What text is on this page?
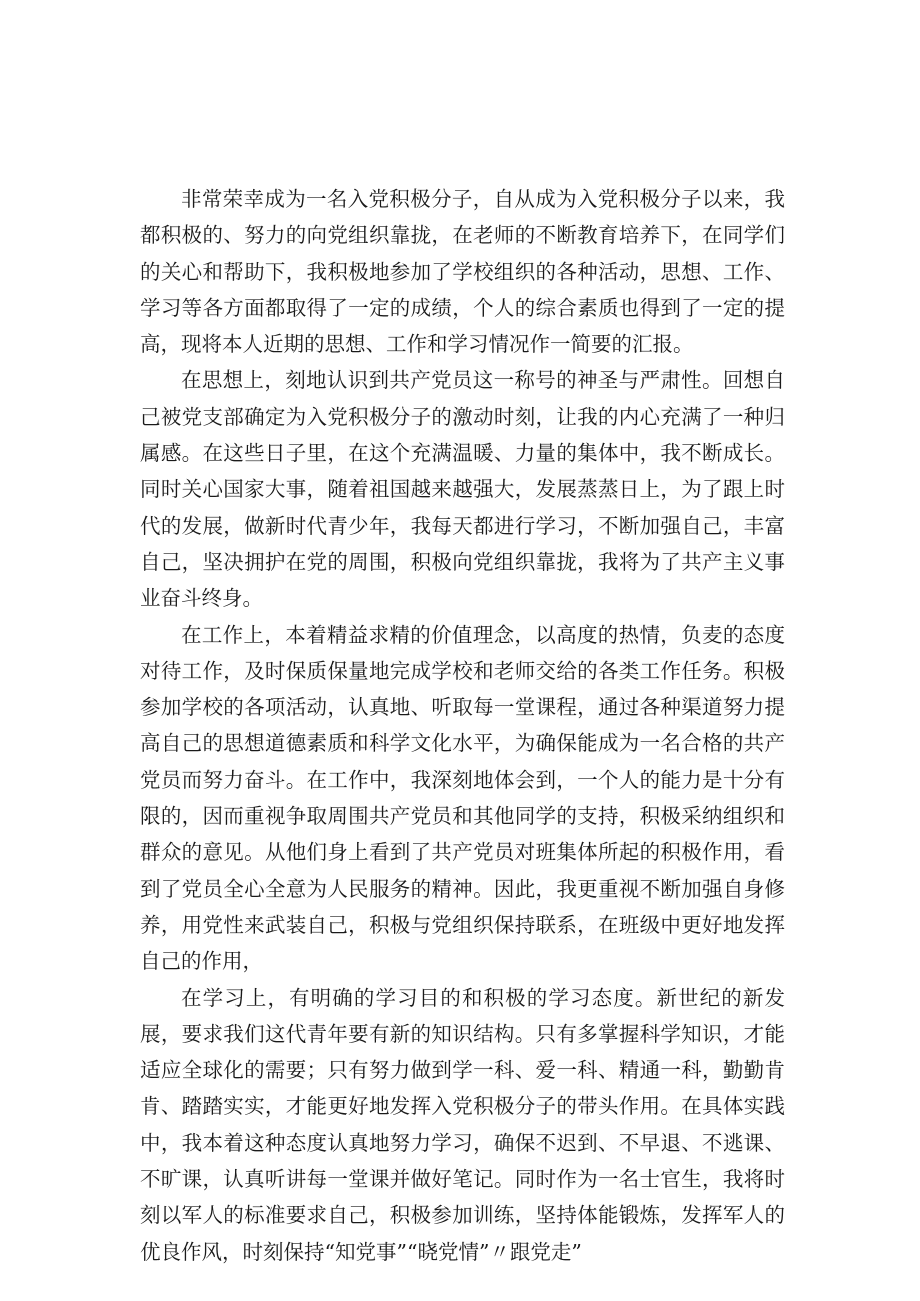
非常荣幸成为一名入党积极分子，自从成为入党积极分子以来，我都积极的、努力的向党组织靠拢，在老师的不断教育培养下，在同学们的关心和帮助下，我积极地参加了学校组织的各种活动，思想、工作、学习等各方面都取得了一定的成绩，个人的综合素质也得到了一定的提高，现将本人近期的思想、工作和学习情况作一简要的汇报。

在思想上，刻地认识到共产党员这一称号的神圣与严肃性。回想自己被党支部确定为入党积极分子的激动时刻，让我的内心充满了一种归属感。在这些日子里，在这个充满温暖、力量的集体中，我不断成长。同时关心国家大事，随着祖国越来越强大，发展蒸蒸日上，为了跟上时代的发展，做新时代青少年，我每天都进行学习，不断加强自己，丰富自己，坚决拥护在党的周围，积极向党组织靠拢，我将为了共产主义事业奋斗终身。

在工作上，本着精益求精的价值理念，以高度的热情，负麦的态度对待工作，及时保质保量地完成学校和老师交给的各类工作任务。积极参加学校的各项活动，认真地、听取每一堂课程，通过各种渠道努力提高自己的思想道德素质和科学文化水平，为确保能成为一名合格的共产党员而努力奋斗。在工作中，我深刻地体会到，一个人的能力是十分有限的，因而重视争取周围共产党员和其他同学的支持，积极采纳组织和群众的意见。从他们身上看到了共产党员对班集体所起的积极作用，看到了党员全心全意为人民服务的精神。因此，我更重视不断加强自身修养，用党性来武装自己，积极与党组织保持联系，在班级中更好地发挥自己的作用，

在学习上，有明确的学习目的和积极的学习态度。新世纪的新发展，要求我们这代青年要有新的知识结构。只有多掌握科学知识，才能适应全球化的需要；只有努力做到学一科、爱一科、精通一科，勤勤肯肯、踏踏实实，才能更好地发挥入党积极分子的带头作用。在具体实践中，我本着这种态度认真地努力学习，确保不迟到、不早退、不逃课、不旷课，认真听讲每一堂课并做好笔记。同时作为一名士官生，我将时刻以军人的标准要求自己，积极参加训练，坚持体能锻炼，发挥军人的优良作风，时刻保持“知党事”“晓党情”〃跟党走”
